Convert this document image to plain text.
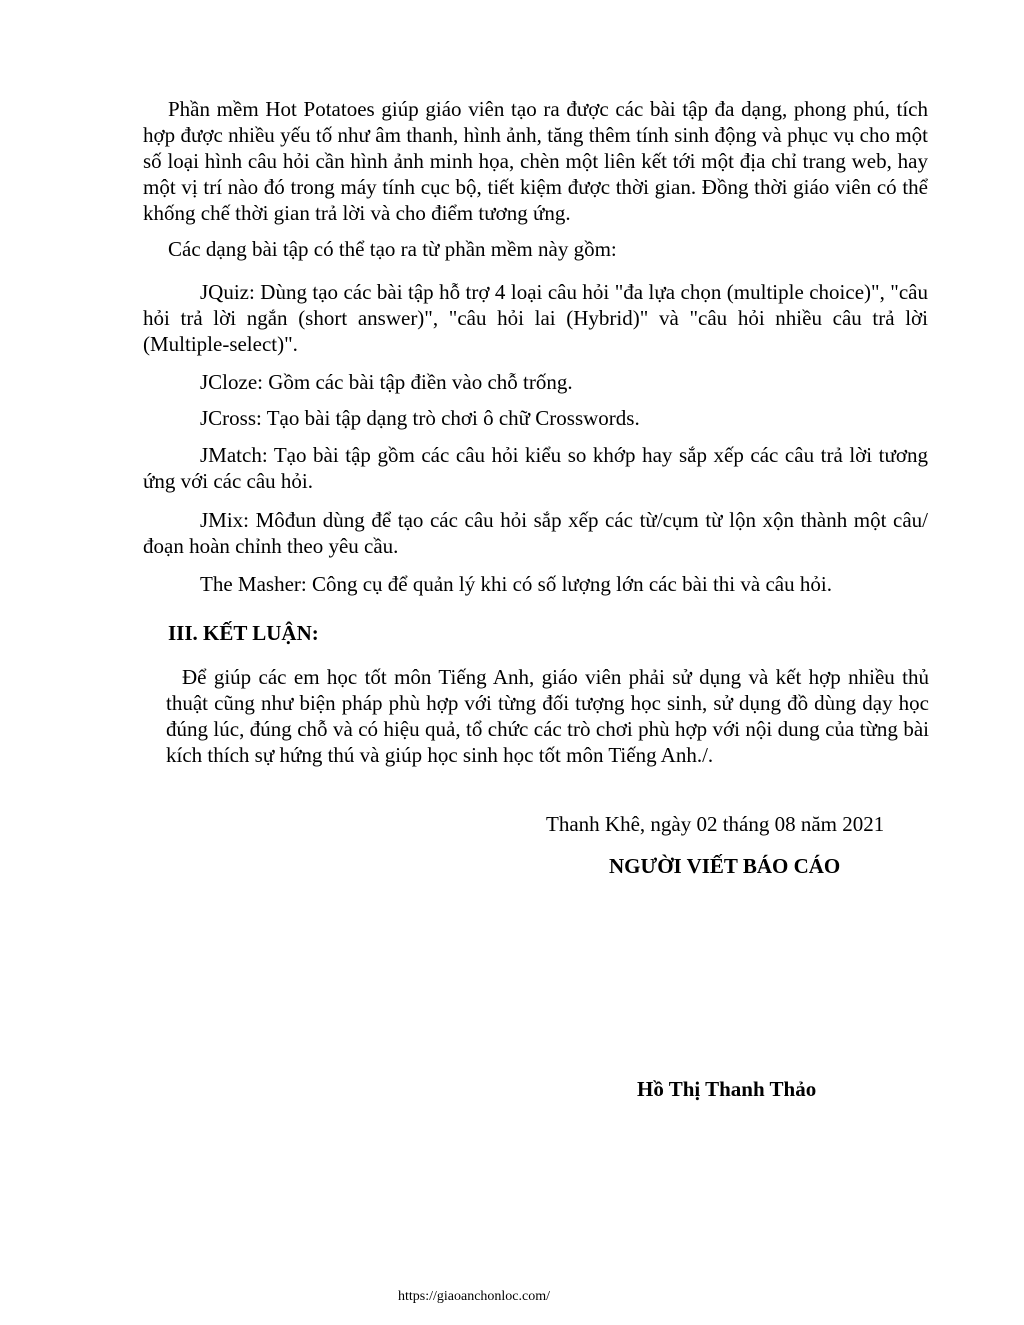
Phần mềm Hot Potatoes giúp giáo viên tạo ra được các bài tập đa dạng, phong phú, tích hợp được nhiều yếu tố như âm thanh, hình ảnh, tăng thêm tính sinh động và phục vụ cho một số loại hình câu hỏi cần hình ảnh minh họa, chèn một liên kết tới một địa chỉ trang web, hay một vị trí nào đó trong máy tính cục bộ, tiết kiệm được thời gian. Đồng thời giáo viên có thể khống chế thời gian trả lời và cho điểm tương ứng.

Các dạng bài tập có thể tạo ra từ phần mềm này gồm:

JQuiz: Dùng tạo các bài tập hỗ trợ 4 loại câu hỏi "đa lựa chọn (multiple choice)", "câu hỏi trả lời ngắn (short answer)", "câu hỏi lai (Hybrid)" và "câu hỏi nhiều câu trả lời (Multiple-select)".

JCloze: Gồm các bài tập điền vào chỗ trống.

JCross: Tạo bài tập dạng trò chơi ô chữ Crosswords.

JMatch: Tạo bài tập gồm các câu hỏi kiểu so khớp hay sắp xếp các câu trả lời tương ứng với các câu hỏi.

JMix: Môđun dùng để tạo các câu hỏi sắp xếp các từ/cụm từ lộn xộn thành một câu/đoạn hoàn chỉnh theo yêu cầu.

The Masher: Công cụ để quản lý khi có số lượng lớn các bài thi và câu hỏi.

III. KẾT LUẬN:

Để giúp các em học tốt môn Tiếng Anh, giáo viên phải sử dụng và kết hợp nhiều thủ thuật cũng như biện pháp phù hợp với từng đối tượng học sinh, sử dụng đồ dùng dạy học đúng lúc, đúng chỗ và có hiệu quả, tổ chức các trò chơi phù hợp với nội dung của từng bài kích thích sự hứng thú và giúp học sinh học tốt môn Tiếng Anh./.

Thanh Khê, ngày 02 tháng 08 năm 2021

NGƯỜI VIẾT BÁO CÁO

Hồ Thị Thanh Thảo

https://giaoanchonloc.com/
